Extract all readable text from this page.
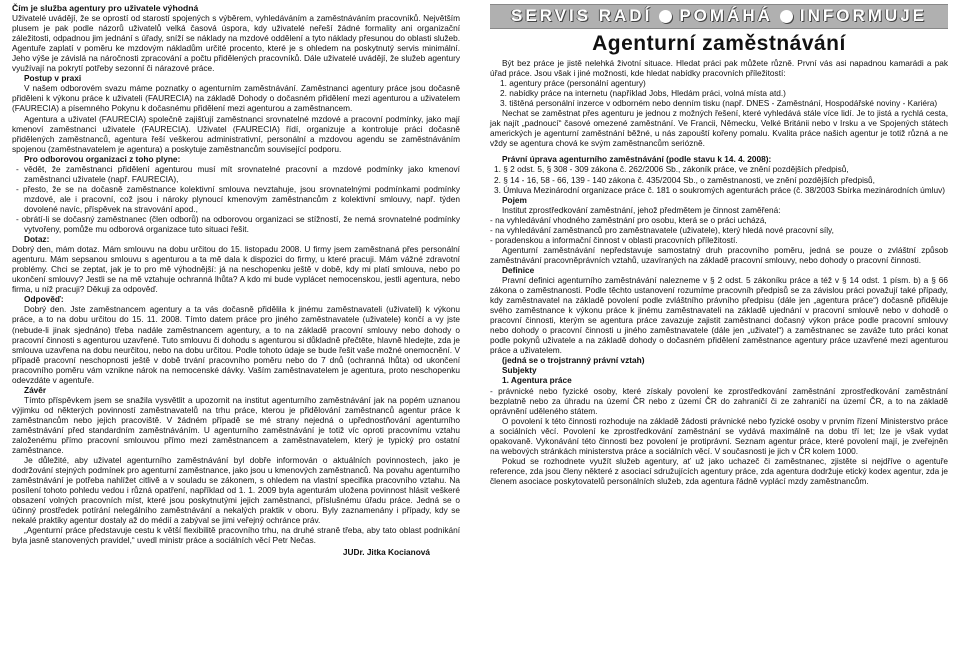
Čím je služba agentury pro uživatele výhodná

Uživatelé uvádějí, že se oprostí od starostí spojených s výběrem, vyhledáváním a zaměstnáváním pracovníků. Největším plusem je pak podle názorů uživatelů velká časová úspora, kdy uživatelé neřeší žádné formality ani organizační záležitosti, odpadnou jim jednání s úřady, sníží se náklady na mzdové oddělení a tyto náklady přesunou do oblasti služeb. Agentuře zaplatí v poměru ke mzdovým nákladům určité procento, které je s ohledem na poskytnutý servis minimální. Jeho výše je závislá na náročnosti zpracování a počtu přidělených pracovníků. Dále uživatelé uvádějí, že služeb agentury využívají na pokrytí potřeby sezonní či nárazové práce.

Postup v praxi

V našem odborovém svazu máme poznatky o agenturním zaměstnávání. Zaměstnanci agentury práce jsou dočasně přiděleni k výkonu práce k uživateli (FAURECIA) na základě Dohody o dočasném přidělení mezi agenturou a uživatelem (FAURECIA) a písemného Pokynu k dočasnému přidělení mezi agenturou a zaměstnancem.

Agentura a uživatel (FAURECIA) společně zajišťují zaměstnanci srovnatelné mzdové a pracovní podmínky, jako mají kmenoví zaměstnanci uživatele (FAURECIA). Uživatel (FAURECIA) řídí, organizuje a kontroluje práci dočasně přidělených zaměstnanců, agentura řeší veškerou administrativní, personální a mzdovou agendu se zaměstnáváním spojenou (zaměstnavatelem je agentura) a poskytuje zaměstnancům související podporu.

Pro odborovou organizaci z toho plyne:

- vědět, že zaměstnanci přidělení agenturou musí mít srovnatelné pracovní a mzdové podmínky jako kmenoví zaměstnanci uživatele (např. FAURECIA),

- přesto, že se na dočasně zaměstnance kolektivní smlouva nevztahuje, jsou srovnatelnými podmínkami podmínky mzdové, ale i pracovní, což jsou i nároky plynoucí kmenovým zaměstnancům z kolektivní smlouvy, např. týden dovolené navíc, příspěvek na stravování apod.,

- obrátí-li se dočasný zaměstnanec (člen odborů) na odborovou organizaci se stížností, že nemá srovnatelné podmínky vytvořeny, pomůže mu odborová organizace tuto situaci řešit.

Dotaz:

Dobrý den, mám dotaz. Mám smlouvu na dobu určitou do 15. listopadu 2008. U firmy jsem zaměstnaná přes personální agenturu. Mám sepsanou smlouvu s agenturou a ta mě dala k dispozici do firmy, u které pracuji. Mám vážné zdravotní problémy. Chci se zeptat, jak je to pro mě výhodnější: já na neschopenku ještě v době, kdy mi platí smlouva, nebo po ukončení smlouvy? Jestli se na mě vztahuje ochranná lhůta? A kdo mi bude vyplácet nemocenskou, jestli agentura, nebo firma, u níž pracuji? Děkuji za odpověď.

Odpověď:

Dobrý den. Jste zaměstnancem agentury a ta vás dočasně přidělila k jinému zaměstnavateli (uživateli) k výkonu práce, a to na dobu určitou do 15. 11. 2008. Tímto datem práce pro jiného zaměstnavatele (uživatele) končí a vy jste (nebude-li jinak sjednáno) třeba nadále zaměstnancem agentury, a to na základě pracovní smlouvy nebo dohody o pracovní činnosti s agenturou uzavřené. Tuto smlouvu či dohodu s agenturou si důkladně přečtěte, hlavně hledejte, zda je smlouva uzavřena na dobu neurčitou, nebo na dobu určitou. Podle tohoto údaje se bude řešit vaše možné onemocnění. V případě pracovní neschopnosti ještě v době trvání pracovního poměru nebo do 7 dnů (ochranná lhůta) od ukončení pracovního poměru vám vznikne nárok na nemocenské dávky. Vaším zaměstnavatelem je agentura, proto neschopenku odevzdáte v agentuře.

Závěr

Tímto příspěvkem jsem se snažila vysvětlit a upozornit na institut agenturního zaměstnávání jak na popém uznanou výjimku od některých povinností zaměstnavatelů na trhu práce, kterou je přidělování zaměstnanců agentur práce k zaměstnancům nebo jejich pracoviště. V žádném případě se mé strany nejedná o upřednostňování agenturního zaměstnávání před standardním zaměstnáváním. U agenturního zaměstnávání je totiž víc oproti pracovnímu vztahu založenému přímo pracovní smlouvou přímo mezi zaměstnancem a zaměstnavatelem, který je typický pro ostatní zaměstnance.

Je důležité, aby uživatel agenturního zaměstnávání byl dobře informován o aktuálních povinnostech, jako je dodržování stejných podmínek pro agenturní zaměstnance, jako jsou u kmenových zaměstnanců. Na povahu agenturního zaměstnávání je potřeba nahlížet citlivě a v souladu se zákonem, s ohledem na vlastní specifika pracovního vztahu. Na posílení tohoto pohledu vedou i různá opatření, například od 1. 1. 2009 byla agenturám uložena povinnost hlásit veškeré obsazení volných pracovních míst, které jsou poskytnutými jejich zaměstnanci, příslušnému úřadu práce. Jedná se o účinný prostředek potírání nelegálního zaměstnávání a nekalých praktik v oboru. Byly zaznamenány i případy, kdy se nekalé praktiky agentur dostaly až do médií a zabýval se jimi veřejný ochránce práv.

„Agenturní práce představuje cestu k větší flexibilitě pracovního trhu, na druhé straně třeba, aby tato oblast podnikání byla jasně stanovených pravidel,“ uvedl ministr práce a sociálních věcí Petr Nečas.

JUDr. Jitka Kocianová

SERVIS RADÍ POMÁHÁ INFORMUJE
Agenturní zaměstnávání

Být bez práce je jistě nelehká životní situace. Hledat práci pak můžete různě. První vás asi napadnou kamarádi a pak úřad práce. Jsou však i jiné možnosti, kde hledat nabídky pracovních příležitostí:

1. agentury práce (personální agentury)

2. nabídky práce na internetu (například Jobs, Hledám práci, volná místa atd.)

3. tištěná personální inzerce v odborném nebo denním tisku (např. DNES - Zaměstnání, Hospodářské noviny - Kariéra)

Nechat se zaměstnat přes agenturu je jednou z možných řešení, které vyhledává stále více lidí. Je to jistá a rychlá cesta, jak najít „padnoucí“ časové omezené zaměstnání. Ve Francii, Německu, Velké Británii nebo v Irsku a ve Spojených státech amerických je agenturní zaměstnání běžné, u nás zapouští kořeny pomalu. Kvalita práce našich agentur je totiž různá a ne vždy se agentura chová ke svým zaměstnancům seriózně.

Právní úprava agenturního zaměstnávání (podle stavu k 14. 4. 2008):

1. § 2 odst. 5, § 308 - 309 zákona č. 262/2006 Sb., zákoník práce, ve znění pozdějších předpisů,

2. § 14 - 16, 58 - 66, 139 - 140 zákona č. 435/2004 Sb., o zaměstnanosti, ve znění pozdějších předpisů,

3. Úmluva Mezinárodní organizace práce č. 181 o soukromých agenturách práce (č. 38/2003 Sbírka mezinárodních úmluv)

Pojem

Institut zprostředkování zaměstnání, jehož předmětem je činnost zaměřená:

- na vyhledávání vhodného zaměstnání pro osobu, která se o práci ucházá,

- na vyhledávání zaměstnanců pro zaměstnavatele (uživatele), který hledá nové pracovní síly,

- poradenskou a informační činnost v oblasti pracovních příležitostí.

Agenturní zaměstnávání nepředstavuje samostatný druh pracovního poměru, jedná se pouze o zvláštní způsob zaměstnávání pracovněprávních vztahů, uzavíraných na základě pracovní smlouvy, nebo dohody o pracovní činnosti.

Definice

Pravní definici agenturního zaměstnávání nalezneme v § 2 odst. 5 zákoníku práce a též v § 14 odst. 1 písm. b) a § 66 zákona o zaměstnanosti. Podle těchto ustanovení rozumíme pracovníh předpisů se za závislou práci považují také případy, kdy zaměstnavatel na základě povolení podle zvláštního právního předpisu (dále jen „agentura práce“) dočasně přiděluje svého zaměstnance k výkonu práce k jinému zaměstnavateli na základě ujednání v pracovní smlouvě nebo v dohodě o pracovní činnosti, kterým se agentura práce zavazuje zajistit zaměstnanci dočasný výkon práce podle pracovní smlouvy nebo dohody o pracovní činnosti u jiného zaměstnavatele (dále jen „uživatel“) a zaměstnanec se zaváže tuto práci konat podle pokynů uživatele a na základě dohody o dočasném přidělení zaměstnance agentury práce uzavřené mezi agenturou práce a uživatelem.

(jedná se o trojstranný právní vztah)

Subjekty

1. Agentura práce

- právnické nebo fyzické osoby, které získaly povolení ke zprostředkování zaměstnání zprostředkování zaměstnání bezplatně nebo za úhradu na území ČR nebo z území ČR do zahraničí či ze zahraničí na území ČR, a to na základě oprávnění uděleného státem.

O povolení k této činnosti rozhoduje na základě žádosti právnické nebo fyzické osoby v prvním řízení Ministerstvo práce a sociálních věcí. Povolení ke zprostředkování zaměstnání se vydává maximálně na dobu tří let; lze je však vydat opakovaně. Vykonávání této činnosti bez povolení je protiprávní. Seznam agentur práce, které povolení mají, je zveřejněn na webových stránkách ministerstva práce a sociálních věcí. V současnosti je jich v ČR kolem 1000.

Pokud se rozhodnete využít služeb agentury, ať už jako uchazeč či zaměstnanec, zjistěte si nejdříve o agentuře reference, zda jsou členy některé z asociací sdružujících agentury práce, zda agentura dodržuje etický kodex agentur, zda je členem asociace poskytovatelů personálních služeb, zda agentura řádně vyplácí mzdy zaměstnancům.
